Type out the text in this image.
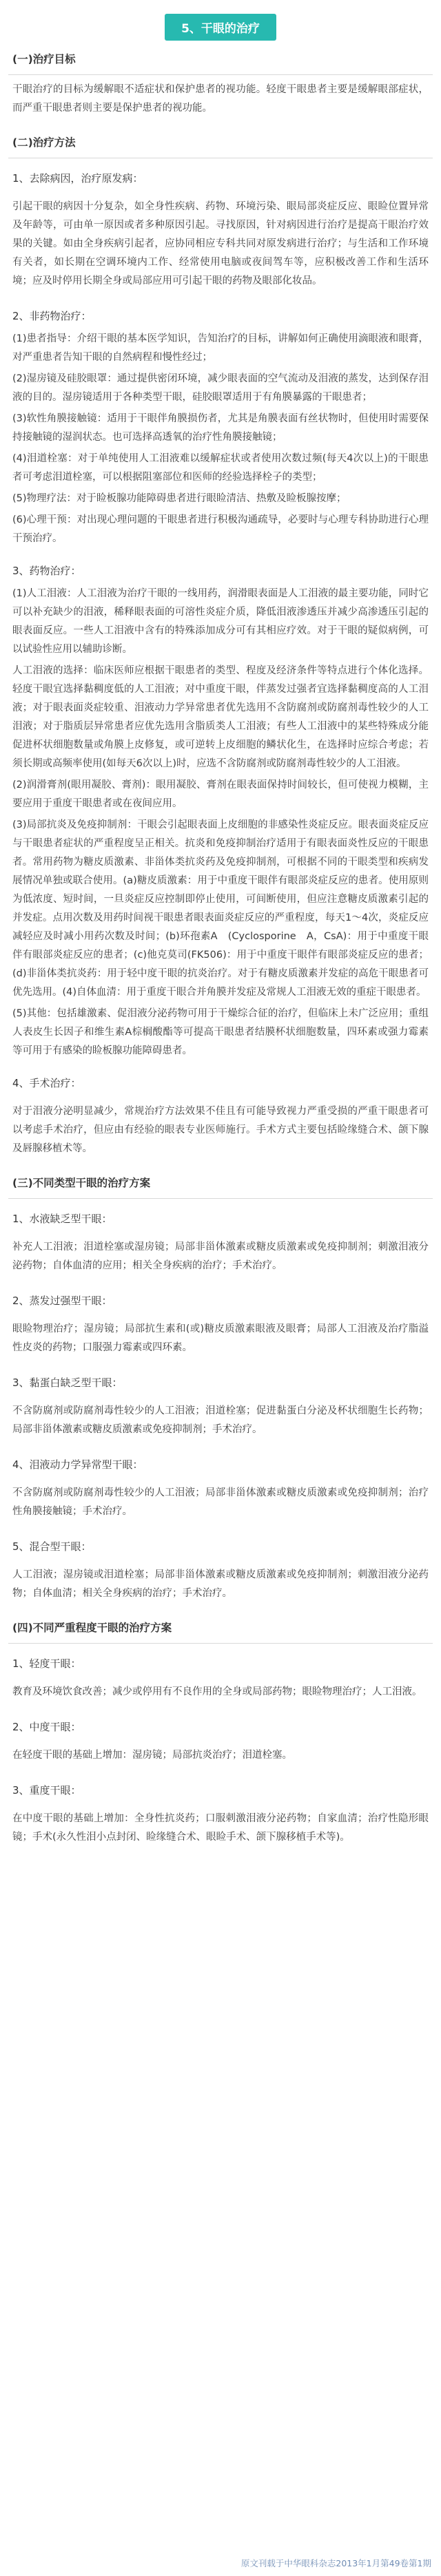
5、干眼的治疗
(一)治疗目标
干眼治疗的目标为缓解眼不适症状和保护患者的视功能。轻度干眼患者主要是缓解眼部症状，而严重干眼患者则主要是保护患者的视功能。
(二)治疗方法
1、去除病因，治疗原发病：
引起干眼的病因十分复杂，如全身性疾病、药物、环境污染、眼局部炎症反应、眼睑位置异常及年龄等，可由单一原因或者多种原因引起。寻找原因，针对病因进行治疗是提高干眼治疗效果的关键。如由全身疾病引起者，应协同相应专科共同对原发病进行治疗；与生活和工作环境有关者，如长期在空调环境内工作、经常使用电脑或夜间驾车等，应积极改善工作和生活环境；应及时停用长期全身或局部应用可引起干眼的药物及眼部化妆品。
2、非药物治疗：
(1)患者指导：介绍干眼的基本医学知识，告知治疗的目标，讲解如何正确使用滴眼液和眼膏，对严重患者告知干眼的自然病程和慢性经过；
(2)湿房镜及硅胶眼罩：通过提供密闭环境，减少眼表面的空气流动及泪液的蒸发，达到保存泪液的目的。湿房镜适用于各种类型干眼，硅胶眼罩适用于有角膜暴露的干眼患者；
(3)软性角膜接触镜：适用于干眼伴角膜损伤者，尤其是角膜表面有丝状物时，但使用时需要保持接触镜的湿润状态。也可选择高透氧的治疗性角膜接触镜；
(4)泪道栓塞：对于单纯使用人工泪液难以缓解症状或者使用次数过频(每天4次以上)的干眼患者可考虑泪道栓塞，可以根据阻塞部位和医师的经验选择栓子的类型；
(5)物理疗法：对于睑板腺功能障碍患者进行眼睑清洁、热敷及睑板腺按摩；
(6)心理干预：对出现心理问题的干眼患者进行积极沟通疏导，必要时与心理专科协助进行心理干预治疗。
3、药物治疗：
(1)人工泪液：人工泪液为治疗干眼的一线用药，润滑眼表面是人工泪液的最主要功能，同时它可以补充缺少的泪液，稀释眼表面的可溶性炎症介质，降低泪液渗透压并减少高渗透压引起的眼表面反应。一些人工泪液中含有的特殊添加成分可有其相应疗效。对于干眼的疑似病例，可以试验性应用以辅助诊断。
人工泪液的选择：临床医师应根据干眼患者的类型、程度及经济条件等特点进行个体化选择。轻度干眼宜选择黏稠度低的人工泪液；对中重度干眼，伴蒸发过强者宜选择黏稠度高的人工泪液；对于眼表面炎症较重、泪液动力学异常患者优先选用不含防腐剂或防腐剂毒性较少的人工泪液；对于脂质层异常患者应优先选用含脂质类人工泪液；有些人工泪液中的某些特殊成分能促进杯状细胞数量或角膜上皮修复，或可逆转上皮细胞的鳞状化生，在选择时应综合考虑；若须长期或高频率使用(如每天6次以上)时，应选不含防腐剂或防腐剂毒性较少的人工泪液。
(2)润滑膏剂(眼用凝胶、膏剂)：眼用凝胶、膏剂在眼表面保持时间较长，但可使视力模糊，主要应用于重度干眼患者或在夜间应用。
(3)局部抗炎及免疫抑制剂：干眼会引起眼表面上皮细胞的非感染性炎症反应。眼表面炎症反应与干眼患者症状的严重程度呈正相关。抗炎和免疫抑制治疗适用于有眼表面炎性反应的干眼患者。常用药物为糖皮质激素、非甾体类抗炎药及免疫抑制剂，可根据不同的干眼类型和疾病发展情况单独或联合使用。(a)糖皮质激素：用于中重度干眼伴有眼部炎症反应的患者。使用原则为低浓度、短时间，一旦炎症反应控制即停止使用，可间断使用，但应注意糖皮质激素引起的并发症。点用次数及用药时间视干眼患者眼表面炎症反应的严重程度，每天1～4次，炎症反应减轻应及时减小用药次数及时间；(b)环孢素A　(Cyclosporine　A，CsA)：用于中重度干眼伴有眼部炎症反应的患者；(c)他克莫司(FK506)：用于中重度干眼伴有眼部炎症反应的患者；(d)非甾体类抗炎药：用于轻中度干眼的抗炎治疗。对于有糖皮质激素并发症的高危干眼患者可优先选用。(4)自体血清：用于重度干眼合并角膜并发症及常规人工泪液无效的重症干眼患者。
(5)其他：包括雄激素、促泪液分泌药物可用于干燥综合征的治疗，但临床上未广泛应用；重组人表皮生长因子和维生素A棕榈酸酯等可提高干眼患者结膜杯状细胞数量，四环素或强力霉素等可用于有感染的睑板腺功能障碍患者。
4、手术治疗：
对于泪液分泌明显减少，常规治疗方法效果不佳且有可能导致视力严重受损的严重干眼患者可以考虑手术治疗，但应由有经验的眼表专业医师施行。手术方式主要包括睑缘缝合术、颌下腺及唇腺移植术等。
(三)不同类型干眼的治疗方案
1、水液缺乏型干眼：
补充人工泪液；泪道栓塞或湿房镜；局部非甾体激素或糖皮质激素或免疫抑制剂；刺激泪液分泌药物；自体血清的应用；相关全身疾病的治疗；手术治疗。
2、蒸发过强型干眼：
眼睑物理治疗；湿房镜；局部抗生素和(或)糖皮质激素眼液及眼膏；局部人工泪液及治疗脂溢性皮炎的药物；口服强力霉素或四环素。
3、黏蛋白缺乏型干眼：
不含防腐剂或防腐剂毒性较少的人工泪液；泪道栓塞；促进黏蛋白分泌及杯状细胞生长药物；局部非甾体激素或糖皮质激素或免疫抑制剂；手术治疗。
4、泪液动力学异常型干眼：
不含防腐剂或防腐剂毒性较少的人工泪液；局部非甾体激素或糖皮质激素或免疫抑制剂；治疗性角膜接触镜；手术治疗。
5、混合型干眼：
人工泪液；湿房镜或泪道栓塞；局部非甾体激素或糖皮质激素或免疫抑制剂；刺激泪液分泌药物；自体血清；相关全身疾病的治疗；手术治疗。
(四)不同严重程度干眼的治疗方案
1、轻度干眼：
教育及环境饮食改善；减少或停用有不良作用的全身或局部药物；眼睑物理治疗；人工泪液。
2、中度干眼：
在轻度干眼的基础上增加：湿房镜；局部抗炎治疗；泪道栓塞。
3、重度干眼：
在中度干眼的基础上增加：全身性抗炎药；口服刺激泪液分泌药物；自家血清；治疗性隐形眼镜；手术(永久性泪小点封闭、睑缘缝合术、眼睑手术、颌下腺移植手术等)。
原文刊载于中华眼科杂志2013年1月第49卷第1期
